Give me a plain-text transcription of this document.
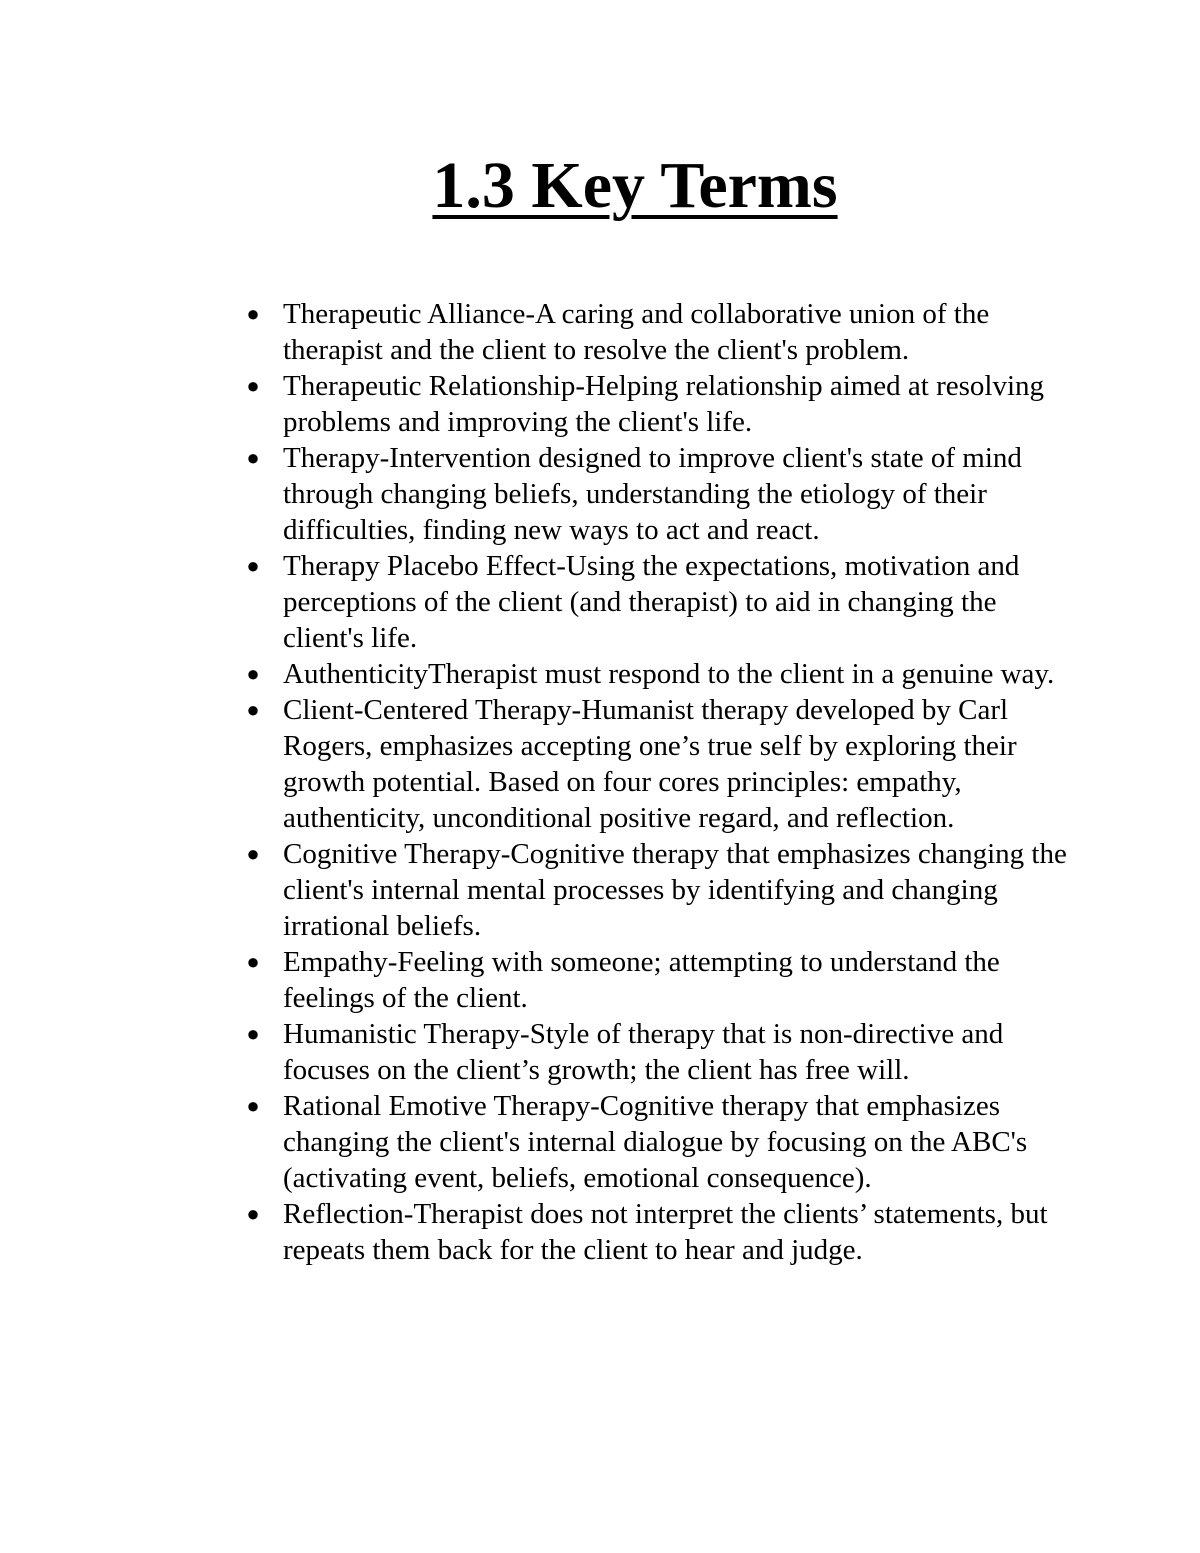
1.3 Key Terms
● Therapeutic Alliance-A caring and collaborative union of the therapist and the client to resolve the client's problem.
● Therapeutic Relationship-Helping relationship aimed at resolving problems and improving the client's life.
● Therapy-Intervention designed to improve client's state of mind through changing beliefs, understanding the etiology of their difficulties, finding new ways to act and react.
● Therapy Placebo Effect-Using the expectations, motivation and perceptions of the client (and therapist) to aid in changing the client's life.
● AuthenticityTherapist must respond to the client in a genuine way.
● Client-Centered Therapy-Humanist therapy developed by Carl Rogers, emphasizes accepting one’s true self by exploring their growth potential. Based on four cores principles: empathy, authenticity, unconditional positive regard, and reflection.
● Cognitive Therapy-Cognitive therapy that emphasizes changing the client's internal mental processes by identifying and changing irrational beliefs.
● Empathy-Feeling with someone; attempting to understand the feelings of the client.
● Humanistic Therapy-Style of therapy that is non-directive and focuses on the client’s growth; the client has free will.
● Rational Emotive Therapy-Cognitive therapy that emphasizes changing the client's internal dialogue by focusing on the ABC's (activating event, beliefs, emotional consequence).
● Reflection-Therapist does not interpret the clients’ statements, but repeats them back for the client to hear and judge.
